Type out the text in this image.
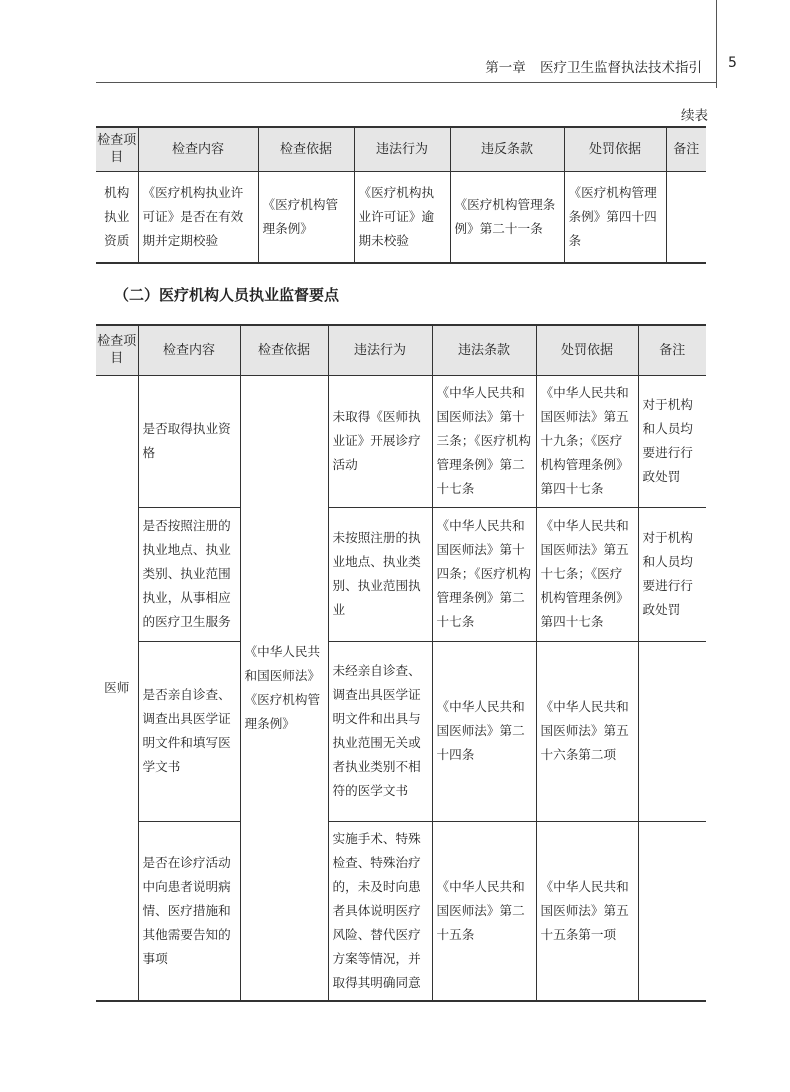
第一章 医疗卫生监督执法技术指引	5
续表
检查项目	检查内容	检查依据	违法行为	违反条款	处罚依据	备注
机构执业资质	《医疗机构执业许可证》是否在有效期并定期校验	《医疗机构管理条例》	《医疗机构执业许可证》逾期未校验	《医疗机构管理条例》第二十一条	《医疗机构管理条例》第四十四条	
（二）医疗机构人员执业监督要点
检查项目	检查内容	检查依据	违法行为	违法条款	处罚依据	备注
医师	是否取得执业资格	《中华人民共和国医师法》《医疗机构管理条例》	未取得《医师执业证》开展诊疗活动	《中华人民共和国医师法》第十三条；《医疗机构管理条例》第二十七条	《中华人民共和国医师法》第五十九条；《医疗机构管理条例》第四十七条	对于机构和人员均要进行行政处罚
	是否按照注册的执业地点、执业类别、执业范围执业，从事相应的医疗卫生服务		未按照注册的执业地点、执业类别、执业范围执业	《中华人民共和国医师法》第十四条；《医疗机构管理条例》第二十七条	《中华人民共和国医师法》第五十七条；《医疗机构管理条例》第四十七条	对于机构和人员均要进行行政处罚
	是否亲自诊查、调查出具医学证明文件和填写医学文书		未经亲自诊查、调查出具医学证明文件和出具与执业范围无关或者执业类别不相符的医学文书	《中华人民共和国医师法》第二十四条	《中华人民共和国医师法》第五十六条第二项	
	是否在诊疗活动中向患者说明病情、医疗措施和其他需要告知的事项		实施手术、特殊检查、特殊治疗的，未及时向患者具体说明医疗风险、替代医疗方案等情况，并取得其明确同意	《中华人民共和国医师法》第二十五条	《中华人民共和国医师法》第五十五条第一项	
